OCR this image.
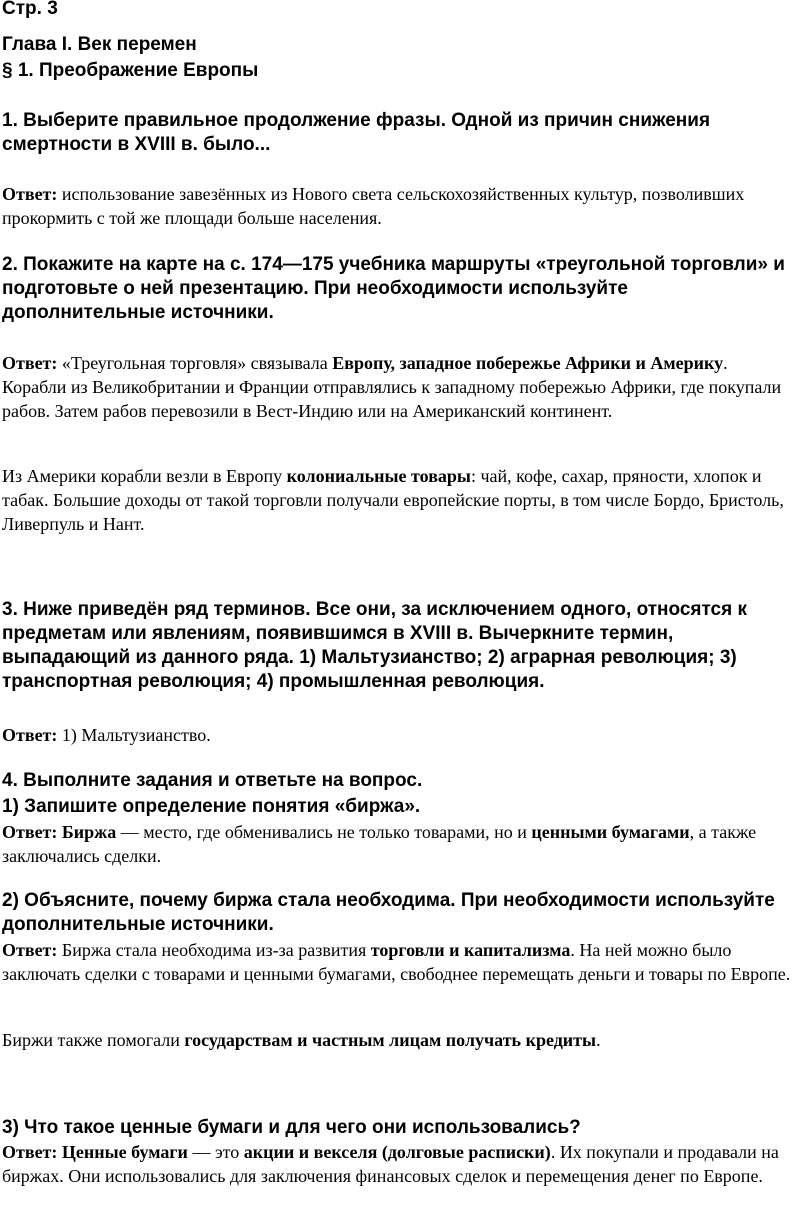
Стр. 3
Глава I. Век перемен
§ 1. Преображение Европы
1. Выберите правильное продолжение фразы. Одной из причин снижения смертности в XVIII в. было...
Ответ: использование завезённых из Нового света сельскохозяйственных культур, позволивших прокормить с той же площади больше населения.
2. Покажите на карте на с. 174—175 учебника маршруты «треугольной торговли» и подготовьте о ней презентацию. При необходимости используйте дополнительные источники.
Ответ: «Треугольная торговля» связывала Европу, западное побережье Африки и Америку. Корабли из Великобритании и Франции отправлялись к западному побережью Африки, где покупали рабов. Затем рабов перевозили в Вест-Индию или на Американский континент.
Из Америки корабли везли в Европу колониальные товары: чай, кофе, сахар, пряности, хлопок и табак. Большие доходы от такой торговли получали европейские порты, в том числе Бордо, Бристоль, Ливерпуль и Нант.
3. Ниже приведён ряд терминов. Все они, за исключением одного, относятся к предметам или явлениям, появившимся в XVIII в. Вычеркните термин, выпадающий из данного ряда. 1) Мальтузианство; 2) аграрная революция; 3) транспортная революция; 4) промышленная революция.
Ответ: 1) Мальтузианство.
4. Выполните задания и ответьте на вопрос.
1) Запишите определение понятия «биржа».
Ответ: Биржа — место, где обменивались не только товарами, но и ценными бумагами, а также заключались сделки.
2) Объясните, почему биржа стала необходима. При необходимости используйте дополнительные источники.
Ответ: Биржа стала необходима из-за развития торговли и капитализма. На ней можно было заключать сделки с товарами и ценными бумагами, свободнее перемещать деньги и товары по Европе.
Биржи также помогали государствам и частным лицам получать кредиты.
3) Что такое ценные бумаги и для чего они использовались?
Ответ: Ценные бумаги — это акции и векселя (долговые расписки). Их покупали и продавали на биржах. Они использовались для заключения финансовых сделок и перемещения денег по Европе.
